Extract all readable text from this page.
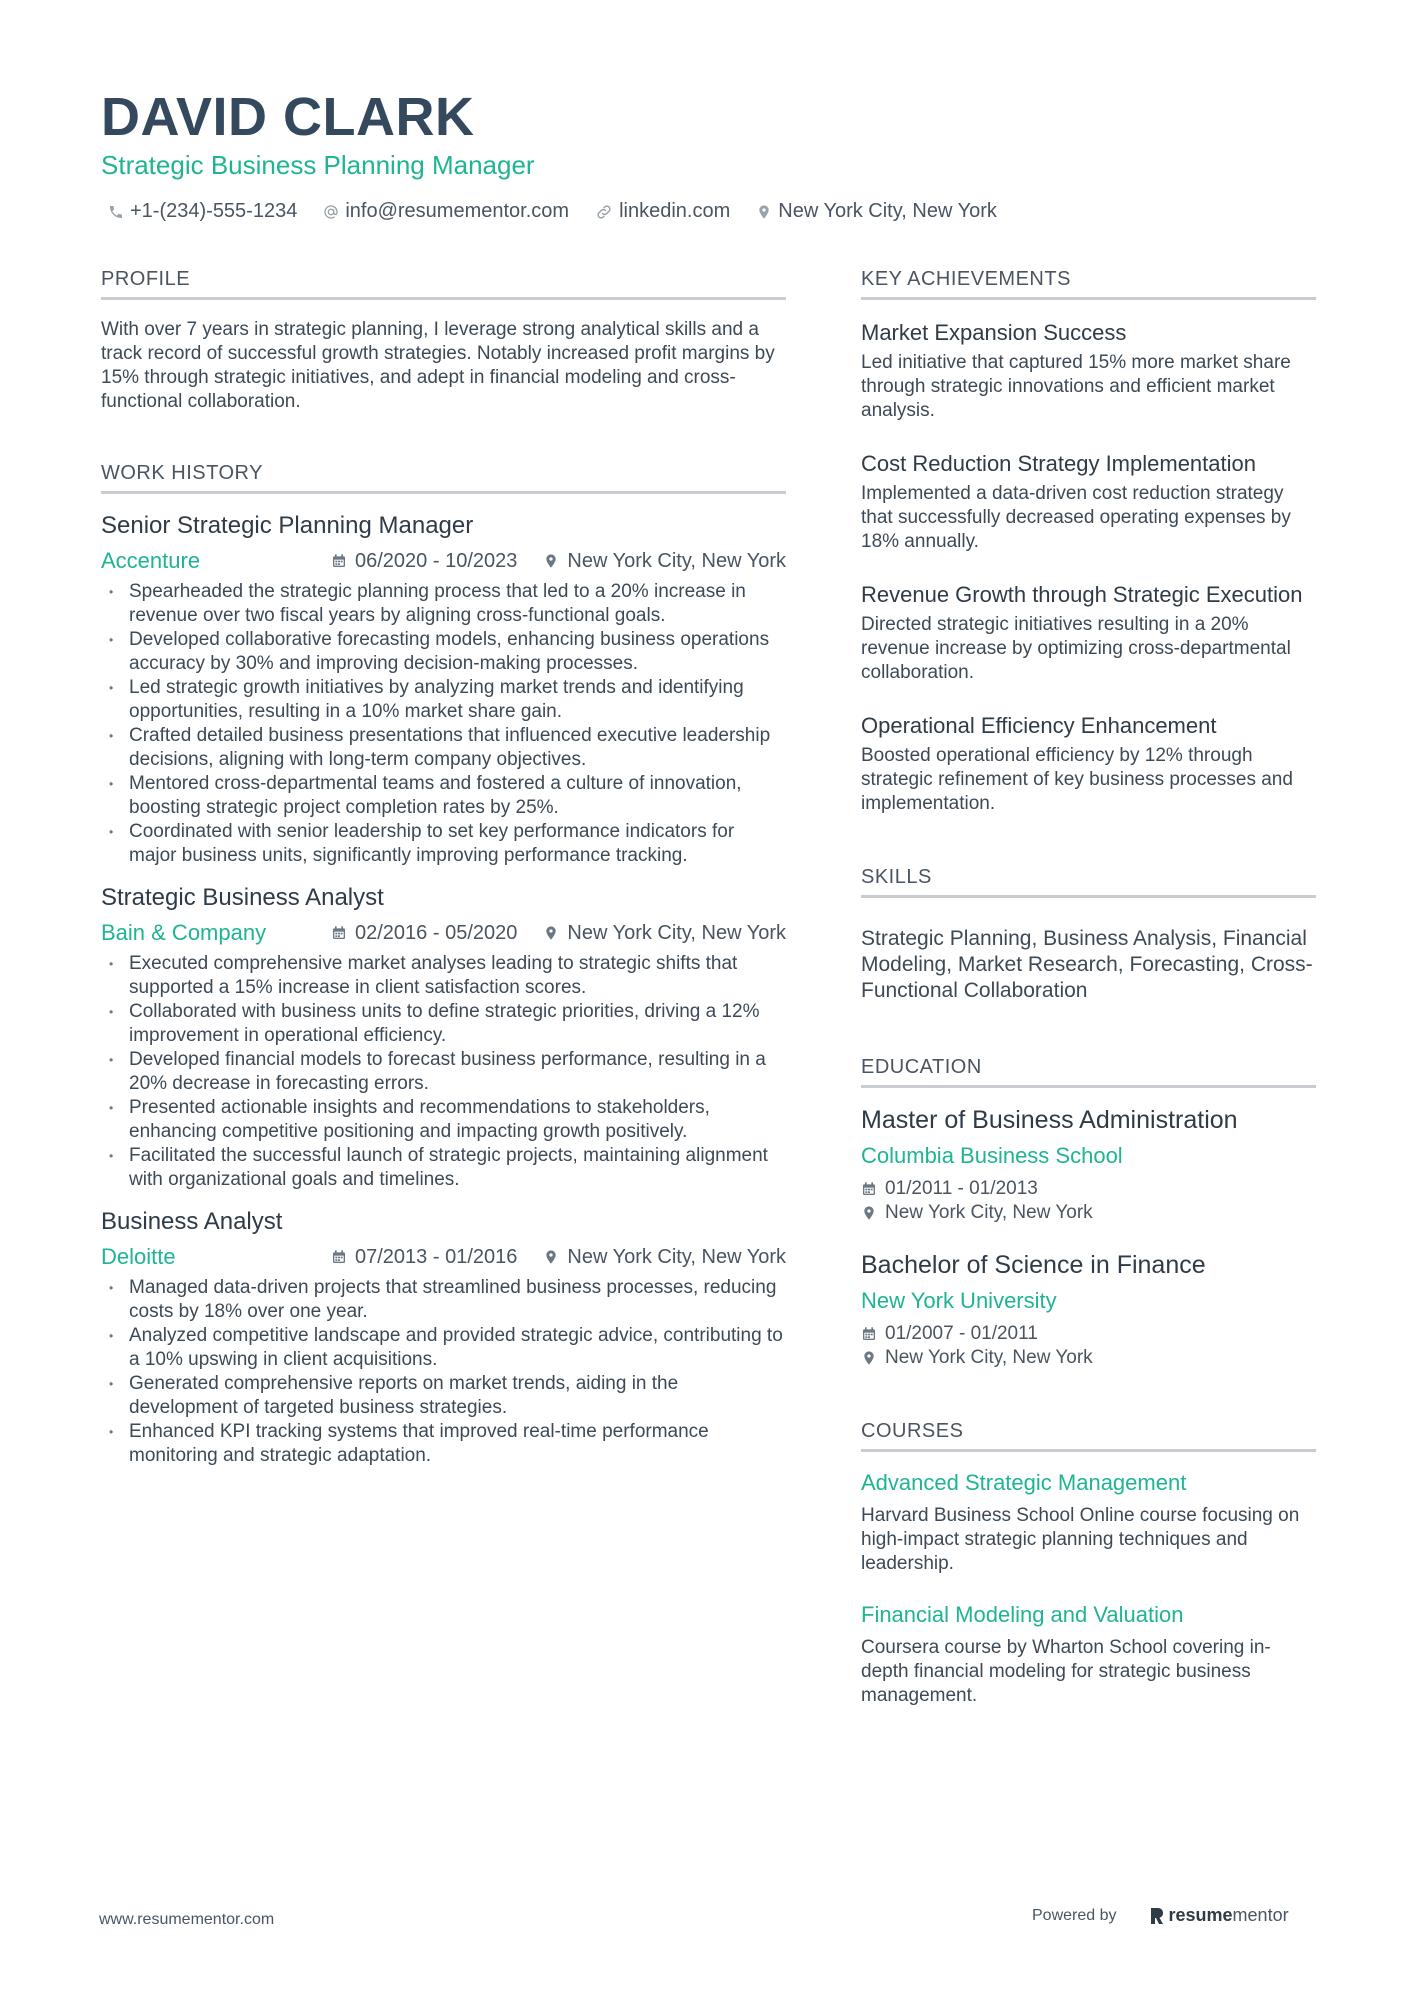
DAVID CLARK
Strategic Business Planning Manager
+1-(234)-555-1234 info@resumementor.com	linkedin.com New York City, New York
PROFILE
With over 7 years in strategic planning, I leverage strong analytical skills and a track record of successful growth strategies. Notably increased profit margins by 15% through strategic initiatives, and adept in financial modeling and cross-functional collaboration.
WORK HISTORY
Senior Strategic Planning Manager
Accenture	06/2020 - 10/2023	New York City, New York
• Spearheaded the strategic planning process that led to a 20% increase in revenue over two fiscal years by aligning cross-functional goals.
• Developed collaborative forecasting models, enhancing business operations accuracy by 30% and improving decision-making processes.
• Led strategic growth initiatives by analyzing market trends and identifying opportunities, resulting in a 10% market share gain.
• Crafted detailed business presentations that influenced executive leadership decisions, aligning with long-term company objectives.
• Mentored cross-departmental teams and fostered a culture of innovation, boosting strategic project completion rates by 25%.
• Coordinated with senior leadership to set key performance indicators for major business units, significantly improving performance tracking.
Strategic Business Analyst
Bain & Company	02/2016 - 05/2020	New York City, New York
• Executed comprehensive market analyses leading to strategic shifts that supported a 15% increase in client satisfaction scores.
• Collaborated with business units to define strategic priorities, driving a 12% improvement in operational efficiency.
• Developed financial models to forecast business performance, resulting in a 20% decrease in forecasting errors.
• Presented actionable insights and recommendations to stakeholders, enhancing competitive positioning and impacting growth positively.
• Facilitated the successful launch of strategic projects, maintaining alignment with organizational goals and timelines.
Business Analyst
Deloitte	07/2013 - 01/2016	New York City, New York
• Managed data-driven projects that streamlined business processes, reducing costs by 18% over one year.
• Analyzed competitive landscape and provided strategic advice, contributing to a 10% upswing in client acquisitions.
• Generated comprehensive reports on market trends, aiding in the development of targeted business strategies.
• Enhanced KPI tracking systems that improved real-time performance monitoring and strategic adaptation.
KEY ACHIEVEMENTS
Market Expansion Success
Led initiative that captured 15% more market share through strategic innovations and efficient market analysis.
Cost Reduction Strategy Implementation
Implemented a data-driven cost reduction strategy that successfully decreased operating expenses by 18% annually.
Revenue Growth through Strategic Execution
Directed strategic initiatives resulting in a 20% revenue increase by optimizing cross-departmental collaboration.
Operational Efficiency Enhancement
Boosted operational efficiency by 12% through strategic refinement of key business processes and implementation.
SKILLS
Strategic Planning, Business Analysis, Financial Modeling, Market Research, Forecasting, Cross-Functional Collaboration
EDUCATION
Master of Business Administration
Columbia Business School
01/2011 - 01/2013
New York City, New York
Bachelor of Science in Finance
New York University
01/2007 - 01/2011
New York City, New York
COURSES
Advanced Strategic Management
Harvard Business School Online course focusing on high-impact strategic planning techniques and leadership.
Financial Modeling and Valuation
Coursera course by Wharton School covering in-depth financial modeling for strategic business management.
www.resumementor.com	Powered by	resume mentor
